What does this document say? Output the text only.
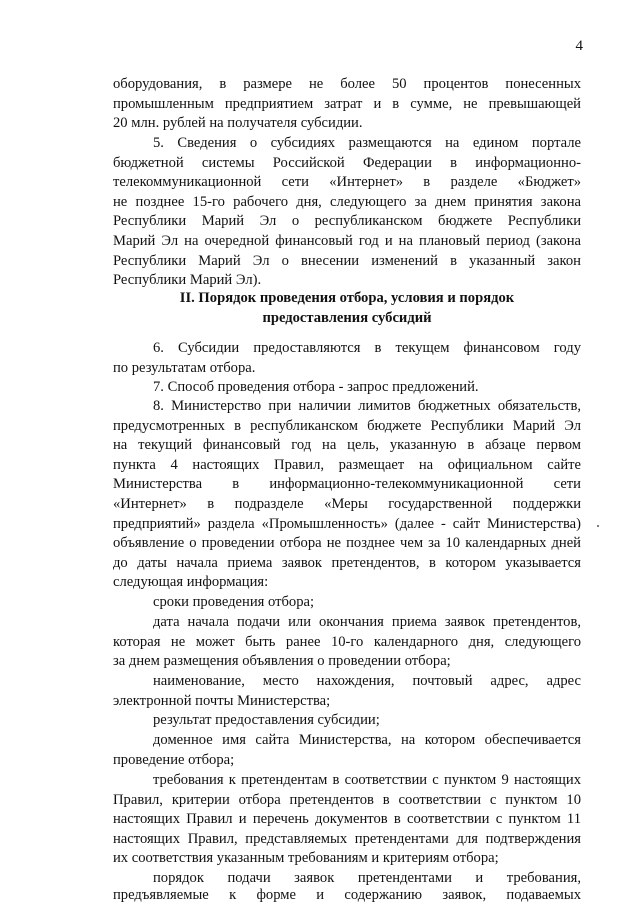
4
оборудования, в размере не более 50 процентов понесенных
промышленным предприятием затрат и в сумме, не превышающей
20 млн. рублей на получателя субсидии.
5. Сведения о субсидиях размещаются на едином портале
бюджетной системы Российской Федерации в информационно-
телекоммуникационной сети «Интернет» в разделе «Бюджет»
не позднее 15-го рабочего дня, следующего за днем принятия закона
Республики Марий Эл о республиканском бюджете Республики
Марий Эл на очередной финансовый год и на плановый период (закона
Республики Марий Эл о внесении изменений в указанный закон
Республики Марий Эл).
II. Порядок проведения отбора, условия и порядок
предоставления субсидий
6. Субсидии предоставляются в текущем финансовом году
по результатам отбора.
7. Способ проведения отбора - запрос предложений.
8. Министерство при наличии лимитов бюджетных обязательств,
предусмотренных в республиканском бюджете Республики Марий Эл
на текущий финансовый год на цель, указанную в абзаце первом
пункта 4 настоящих Правил, размещает на официальном сайте
Министерства в информационно-телекоммуникационной сети
«Интернет» в подразделе «Меры государственной поддержки
предприятий» раздела «Промышленность» (далее - сайт Министерства)
объявление о проведении отбора не позднее чем за 10 календарных дней
до даты начала приема заявок претендентов, в котором указывается
следующая информация:
сроки проведения отбора;
дата начала подачи или окончания приема заявок претендентов,
которая не может быть ранее 10-го календарного дня, следующего
за днем размещения объявления о проведении отбора;
наименование, место нахождения, почтовый адрес, адрес
электронной почты Министерства;
результат предоставления субсидии;
доменное имя сайта Министерства, на котором обеспечивается
проведение отбора;
требования к претендентам в соответствии с пунктом 9 настоящих
Правил, критерии отбора претендентов в соответствии с пунктом 10
настоящих Правил и перечень документов в соответствии с пунктом 11
настоящих Правил, представляемых претендентами для подтверждения
их соответствия указанным требованиям и критериям отбора;
порядок подачи заявок претендентами и требования,
предъявляемые к форме и содержанию заявок, подаваемых
